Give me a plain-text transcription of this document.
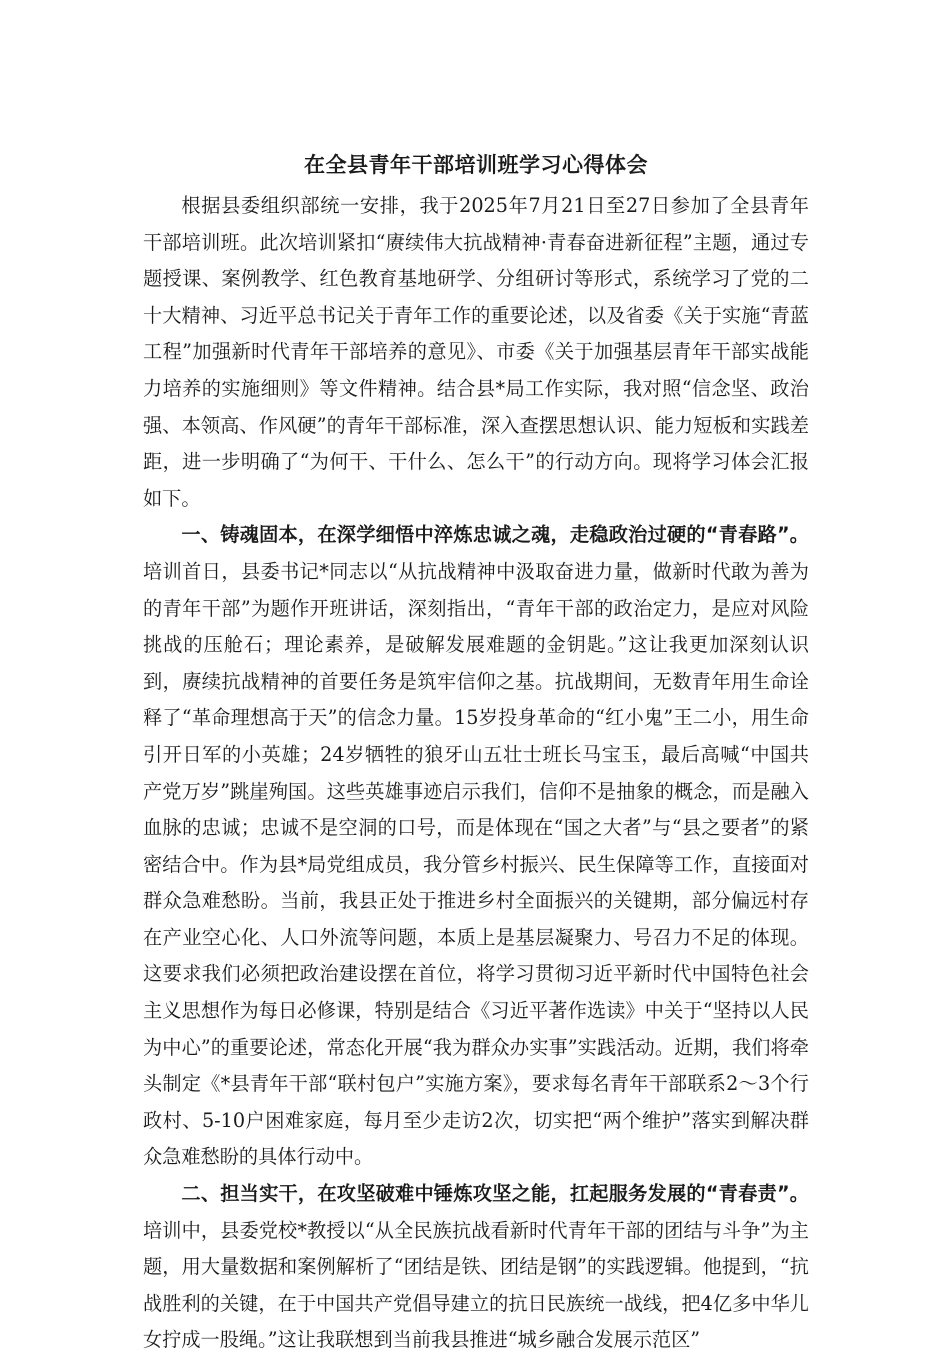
在全县青年干部培训班学习心得体会

根据县委组织部统一安排，我于2025年7月21日至27日参加了全县青年干部培训班。此次培训紧扣“赓续伟大抗战精神·青春奋进新征程”主题，通过专题授课、案例教学、红色教育基地研学、分组研讨等形式，系统学习了党的二十大精神、习近平总书记关于青年工作的重要论述，以及省委《关于实施“青蓝工程”加强新时代青年干部培养的意见》、市委《关于加强基层青年干部实战能力培养的实施细则》等文件精神。结合县*局工作实际，我对照“信念坚、政治强、本领高、作风硬”的青年干部标准，深入查摆思想认识、能力短板和实践差距，进一步明确了“为何干、干什么、怎么干”的行动方向。现将学习体会汇报如下。

一、铸魂固本，在深学细悟中淬炼忠诚之魂，走稳政治过硬的“青春路”。培训首日，县委书记*同志以“从抗战精神中汲取奋进力量，做新时代敢为善为的青年干部”为题作开班讲话，深刻指出，“青年干部的政治定力，是应对风险挑战的压舱石；理论素养，是破解发展难题的金钥匙。”这让我更加深刻认识到，赓续抗战精神的首要任务是筑牢信仰之基。抗战期间，无数青年用生命诠释了“革命理想高于天”的信念力量。15岁投身革命的“红小鬼”王二小，用生命引开日军的小英雄；24岁牺牲的狼牙山五壮士班长马宝玉，最后高喊“中国共产党万岁”跳崖殉国。这些英雄事迹启示我们，信仰不是抽象的概念，而是融入血脉的忠诚；忠诚不是空洞的口号，而是体现在“国之大者”与“县之要者”的紧密结合中。作为县*局党组成员，我分管乡村振兴、民生保障等工作，直接面对群众急难愁盼。当前，我县正处于推进乡村全面振兴的关键期，部分偏远村存在产业空心化、人口外流等问题，本质上是基层凝聚力、号召力不足的体现。这要求我们必须把政治建设摆在首位，将学习贯彻习近平新时代中国特色社会主义思想作为每日必修课，特别是结合《习近平著作选读》中关于“坚持以人民为中心”的重要论述，常态化开展“我为群众办实事”实践活动。近期，我们将牵头制定《*县青年干部“联村包户”实施方案》，要求每名青年干部联系2～3个行政村、5-10户困难家庭，每月至少走访2次，切实把“两个维护”落实到解决群众急难愁盼的具体行动中。

二、担当实干，在攻坚破难中锤炼攻坚之能，扛起服务发展的“青春责”。培训中，县委党校*教授以“从全民族抗战看新时代青年干部的团结与斗争”为主题，用大量数据和案例解析了“团结是铁、团结是钢”的实践逻辑。他提到，“抗战胜利的关键，在于中国共产党倡导建立的抗日民族统一战线，把4亿多中华儿女拧成一股绳。”这让我联想到当前我县推进“城乡融合发展示范区”
